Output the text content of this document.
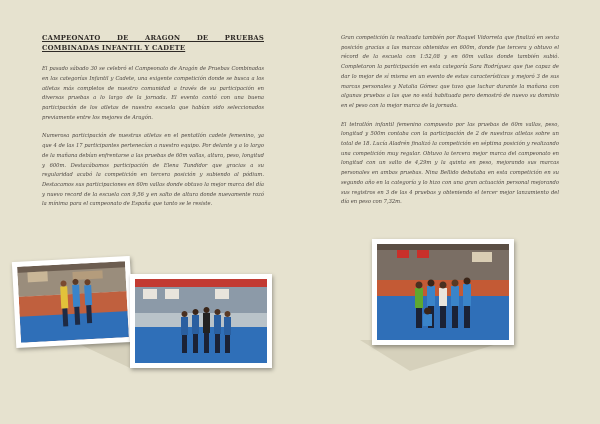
CAMPEONATO DE ARAGON DE PRUEBAS COMBINADAS INFANTIL Y CADETE

El pasado sábado 30 se celebró el Campeonato de Aragón de Pruebas Combinadas en las categorías Infantil y Cadete, una exigente competición donde se busca a los atletas más completos de nuestro comunidad a través de su participación en diversas pruebas a lo largo de la jornada. El evento contó con una buena participación de los atletas de nuestra escuela que habían sido seleccionados previamente entre los mejores de Aragón.

Numerosa participación de nuestras atletas en el pentatlón cadete femenino, ya que 4 de las 17 participantes pertenecían a nuestro equipo. Por delante y a lo largo de la mañana debían enfrentarse a las pruebas de 60m vallas, altura, peso, longitud y 600m. Destacábamos participación de Elena Tundidor que gracias a su regularidad acabó la competición en tercera posición y subiendo al pódium. Destacamos sus participaciones en 60m vallas donde obtuvo la mejor marca del día y nuevo record de la escuela con 9,56 y en salto de altura donde nuevamente rozó la mínima para el campeonato de España que tanto se le resiste.

Gran competición la realizada también por Raquel Vidorreta que finalizó en sexta posición gracias a las marcas obtenidas en 600m, donde fue tercera y obtuvo el récord de la escuela con 1:52,08 y en 60m vallas donde también subió. Completaron la participación en esta categoría Sara Rodríguez que fue capaz de dar lo mejor de sí misma en un evento de estas características y mejoró 3 de sus marcas personales y Natalia Gómez que tuvo que luchar durante la mañana con algunas pruebas a las que no está habituada pero demostró de nuevo su dominio en el peso con la mejor marca de la jornada.

El tetratlón infantil femenino compuesto por las pruebas de 60m vallas, peso, longitud y 500m contaba con la participación de 2 de nuestras atletas sobre un total de 18. Lucía Aladrén finalizó la competición en séptima posición y realizando una competición muy regular. Obtuvo la tercera mejor marca del campeonato en longitud con un salto de 4,29m y la quinta en peso, mejorando sus marcas personales en ambas pruebas. Nina Bellido debutaba en esta competición en su segundo año en la categoría y lo hizo con una gran actuación personal mejorando sus registros en 3 de las 4 pruebas y obteniendo el tercer mejor lanzamiento del día en peso con 7,32m.
